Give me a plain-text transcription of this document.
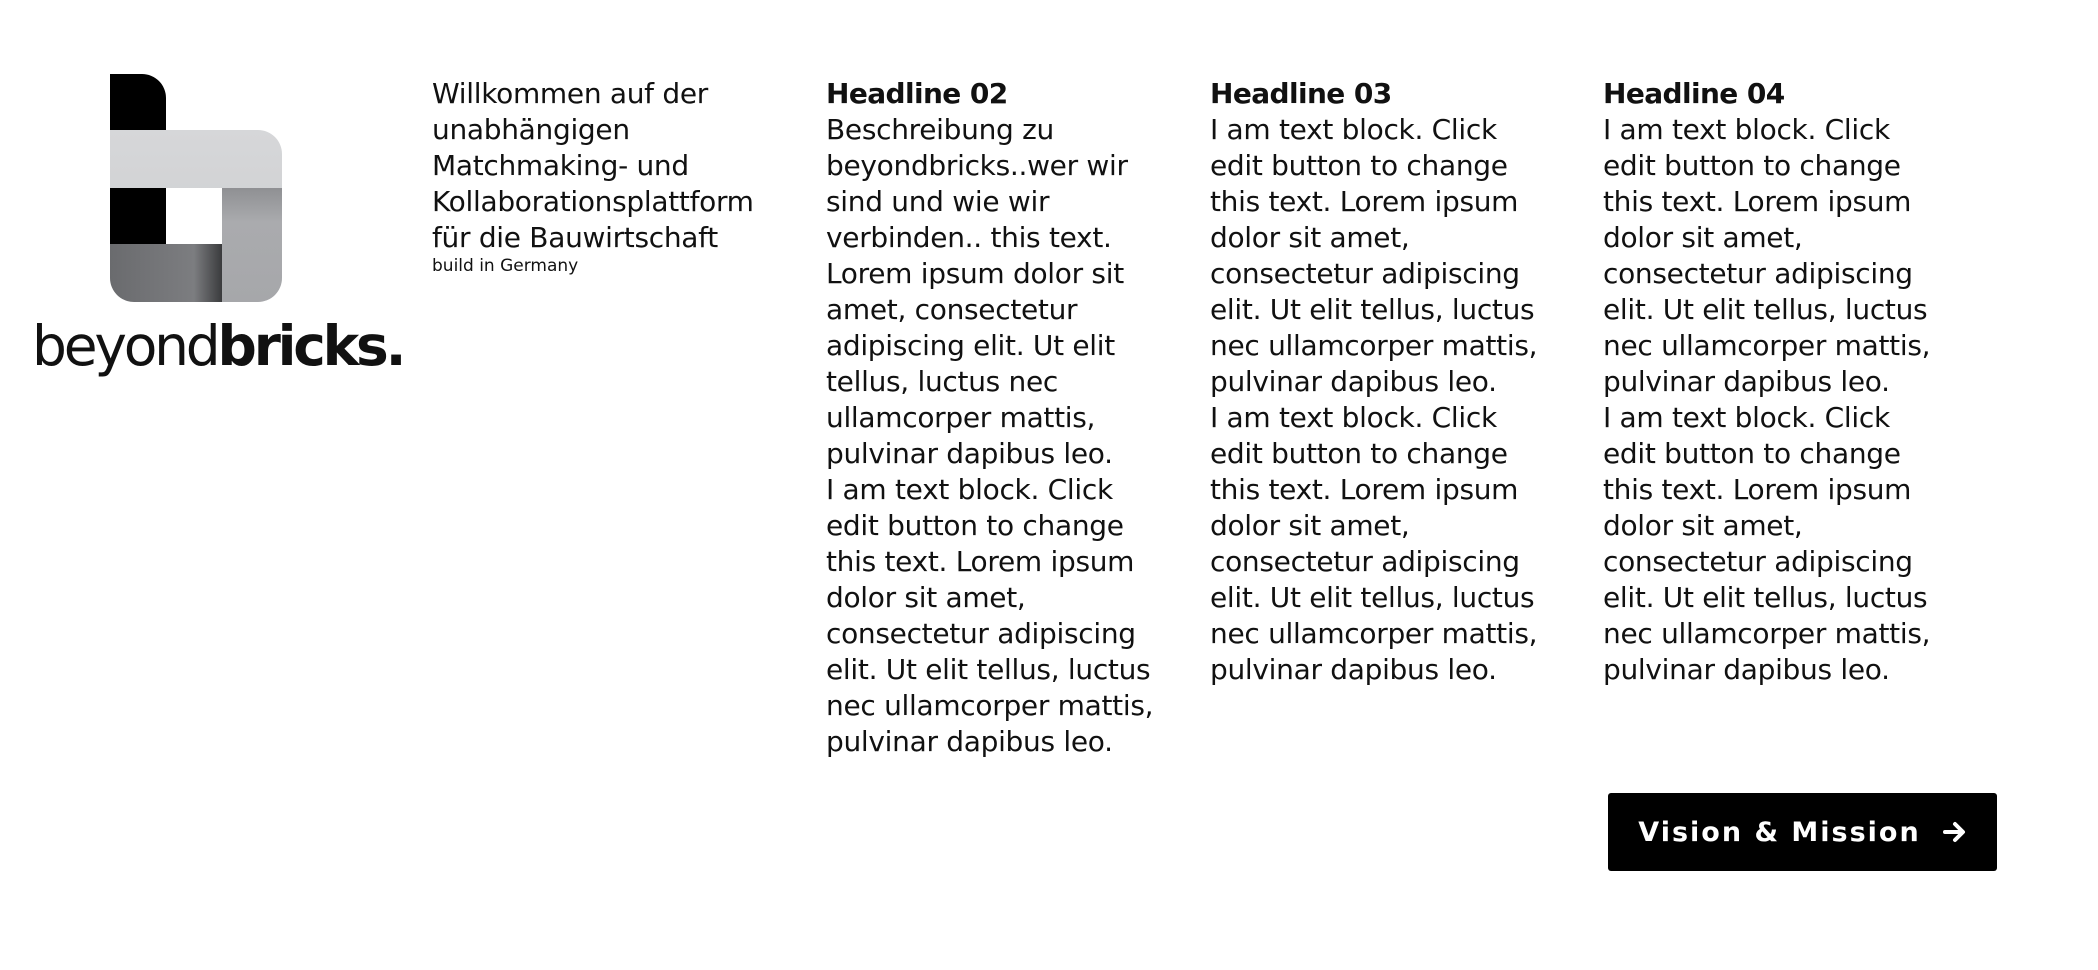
beyondbricks.

Willkommen auf der unabhängigen Matchmaking- und Kollaborationsplattform für die Bauwirtschaft

build in Germany

Headline 02

Beschreibung zu beyondbricks..wer wir sind und wie wir verbinden.. this text. Lorem ipsum dolor sit amet, consectetur adipiscing elit. Ut elit tellus, luctus nec ullamcorper mattis, pulvinar dapibus leo.

I am text block. Click edit button to change this text. Lorem ipsum dolor sit amet, consectetur adipiscing elit. Ut elit tellus, luctus nec ullamcorper mattis, pulvinar dapibus leo.

Headline 03

I am text block. Click edit button to change this text. Lorem ipsum dolor sit amet, consectetur adipiscing elit. Ut elit tellus, luctus nec ullamcorper mattis, pulvinar dapibus leo.

I am text block. Click edit button to change this text. Lorem ipsum dolor sit amet, consectetur adipiscing elit. Ut elit tellus, luctus nec ullamcorper mattis, pulvinar dapibus leo.

Headline 04

I am text block. Click edit button to change this text. Lorem ipsum dolor sit amet, consectetur adipiscing elit. Ut elit tellus, luctus nec ullamcorper mattis, pulvinar dapibus leo.

I am text block. Click edit button to change this text. Lorem ipsum dolor sit amet, consectetur adipiscing elit. Ut elit tellus, luctus nec ullamcorper mattis, pulvinar dapibus leo.

Vision & Mission
